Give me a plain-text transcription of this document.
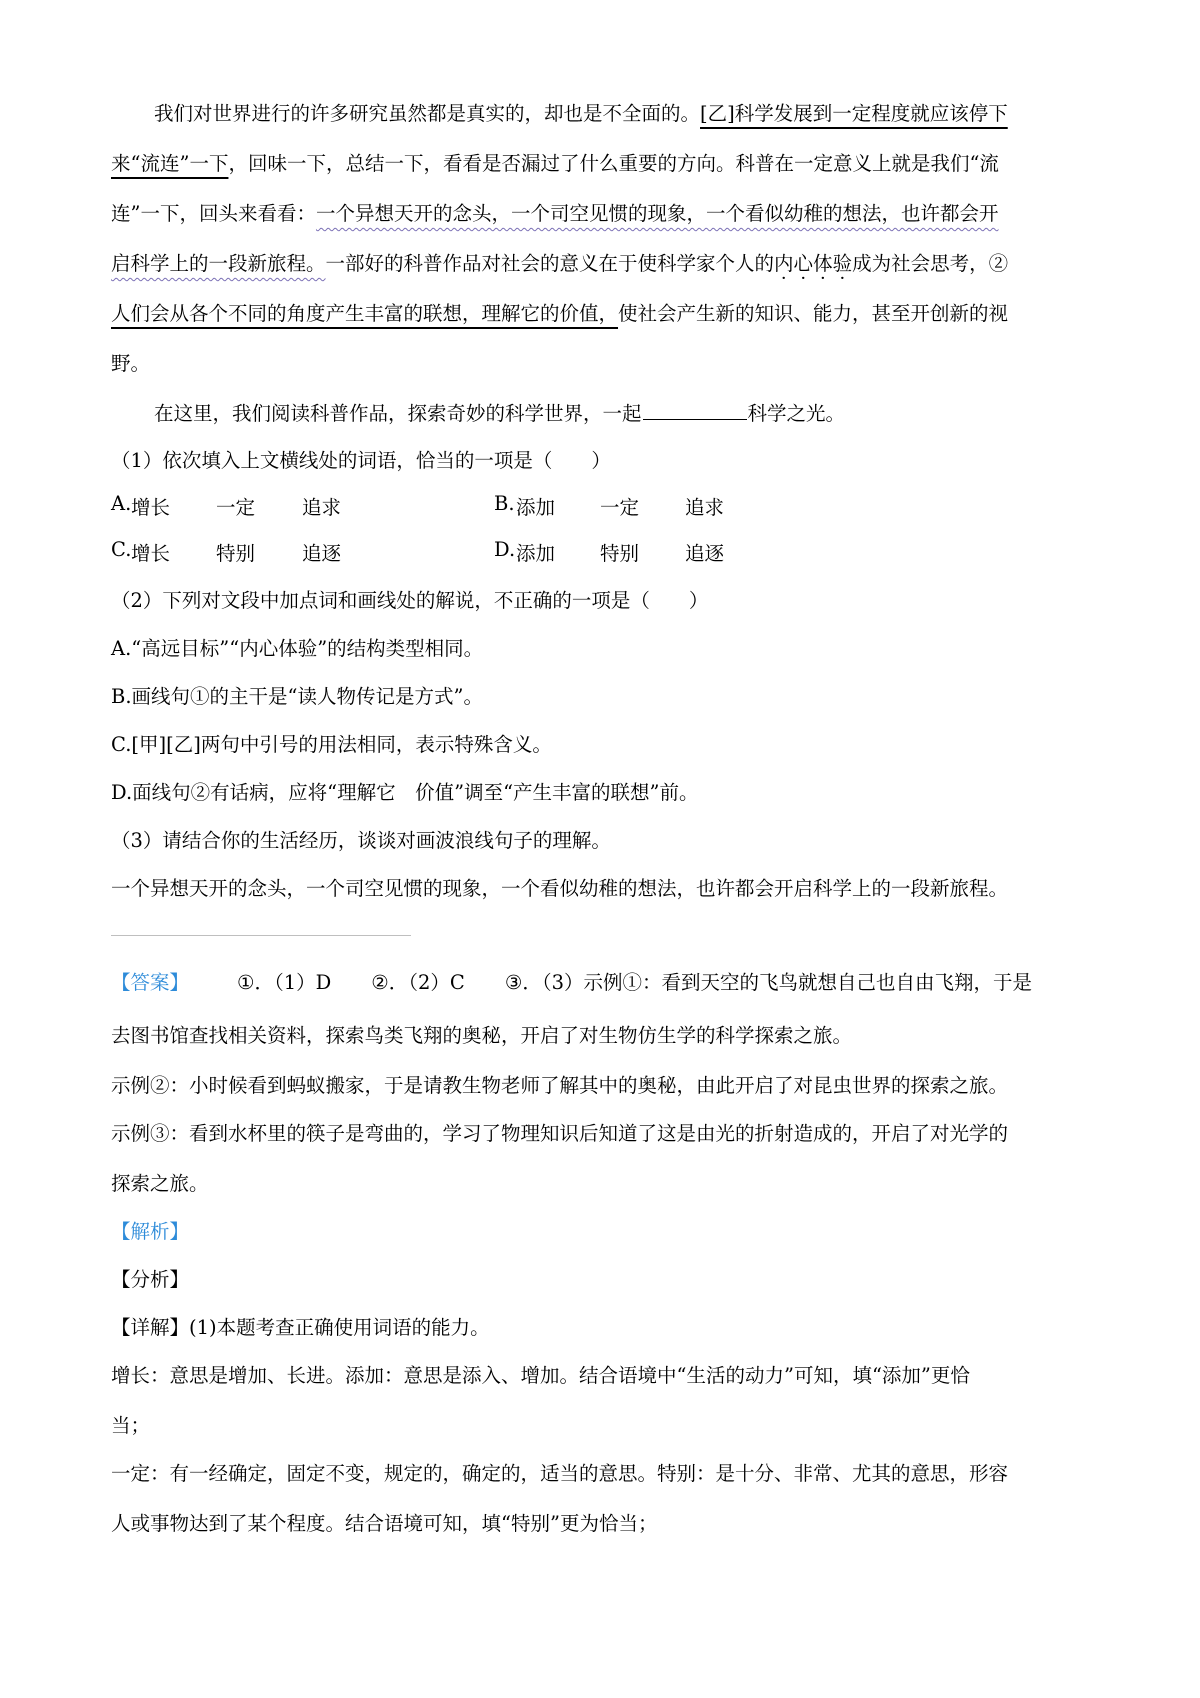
我们对世界进行的许多研究虽然都是真实的，却也是不全面的。[乙]科学发展到一定程度就应该停下
来“流连”一下，回味一下，总结一下，看看是否漏过了什么重要的方向。科普在一定意义上就是我们“流
连”一下，回头来看看：一个异想天开的念头，一个司空见惯的现象，一个看似幼稚的想法，也许都会开
启科学上的一段新旅程。一部好的科普作品对社会的意义在于使科学家个人的内心体验成为社会思考，②
人们会从各个不同的角度产生丰富的联想，理解它的价值，使社会产生新的知识、能力，甚至开创新的视
野。
在这里，我们阅读科普作品，探索奇妙的科学世界，一起	科学之光。
（1）依次填入上文横线处的词语，恰当的一项是（　　）
A. 增长 一定 追求	B. 添加 一定 追求
C. 增长 特别 追逐	D. 添加 特别 追逐
（2）下列对文段中加点词和画线处的解说，不正确的一项是（　　）
A.“高远目标”“内心体验”的结构类型相同。
B.画线句①的主干是“读人物传记是方式”。
C.[甲][乙]两句中引号的用法相同，表示特殊含义。
D.面线句②有话病，应将“理解它　价值”调至“产生丰富的联想”前。
（3）请结合你的生活经历，谈谈对画波浪线句子的理解。
一个异想天开的念头，一个司空见惯的现象，一个看似幼稚的想法，也许都会开启科学上的一段新旅程。
【答案】 ①．（1）D ②．（2）C ③．（3）示例①：看到天空的飞鸟就想自己也自由飞翔，于是
去图书馆查找相关资料，探索鸟类飞翔的奥秘，开启了对生物仿生学的科学探索之旅。
示例②：小时候看到蚂蚁搬家，于是请教生物老师了解其中的奥秘，由此开启了对昆虫世界的探索之旅。
示例③：看到水杯里的筷子是弯曲的，学习了物理知识后知道了这是由光的折射造成的，开启了对光学的
探索之旅。
【解析】
【分析】
【详解】(1)本题考查正确使用词语的能力。
增长：意思是增加、长进。添加：意思是添入、增加。结合语境中“生活的动力”可知，填“添加”更恰
当；
一定：有一经确定，固定不变，规定的，确定的，适当的意思。特别：是十分、非常、尤其的意思，形容
人或事物达到了某个程度。结合语境可知，填“特别”更为恰当；
